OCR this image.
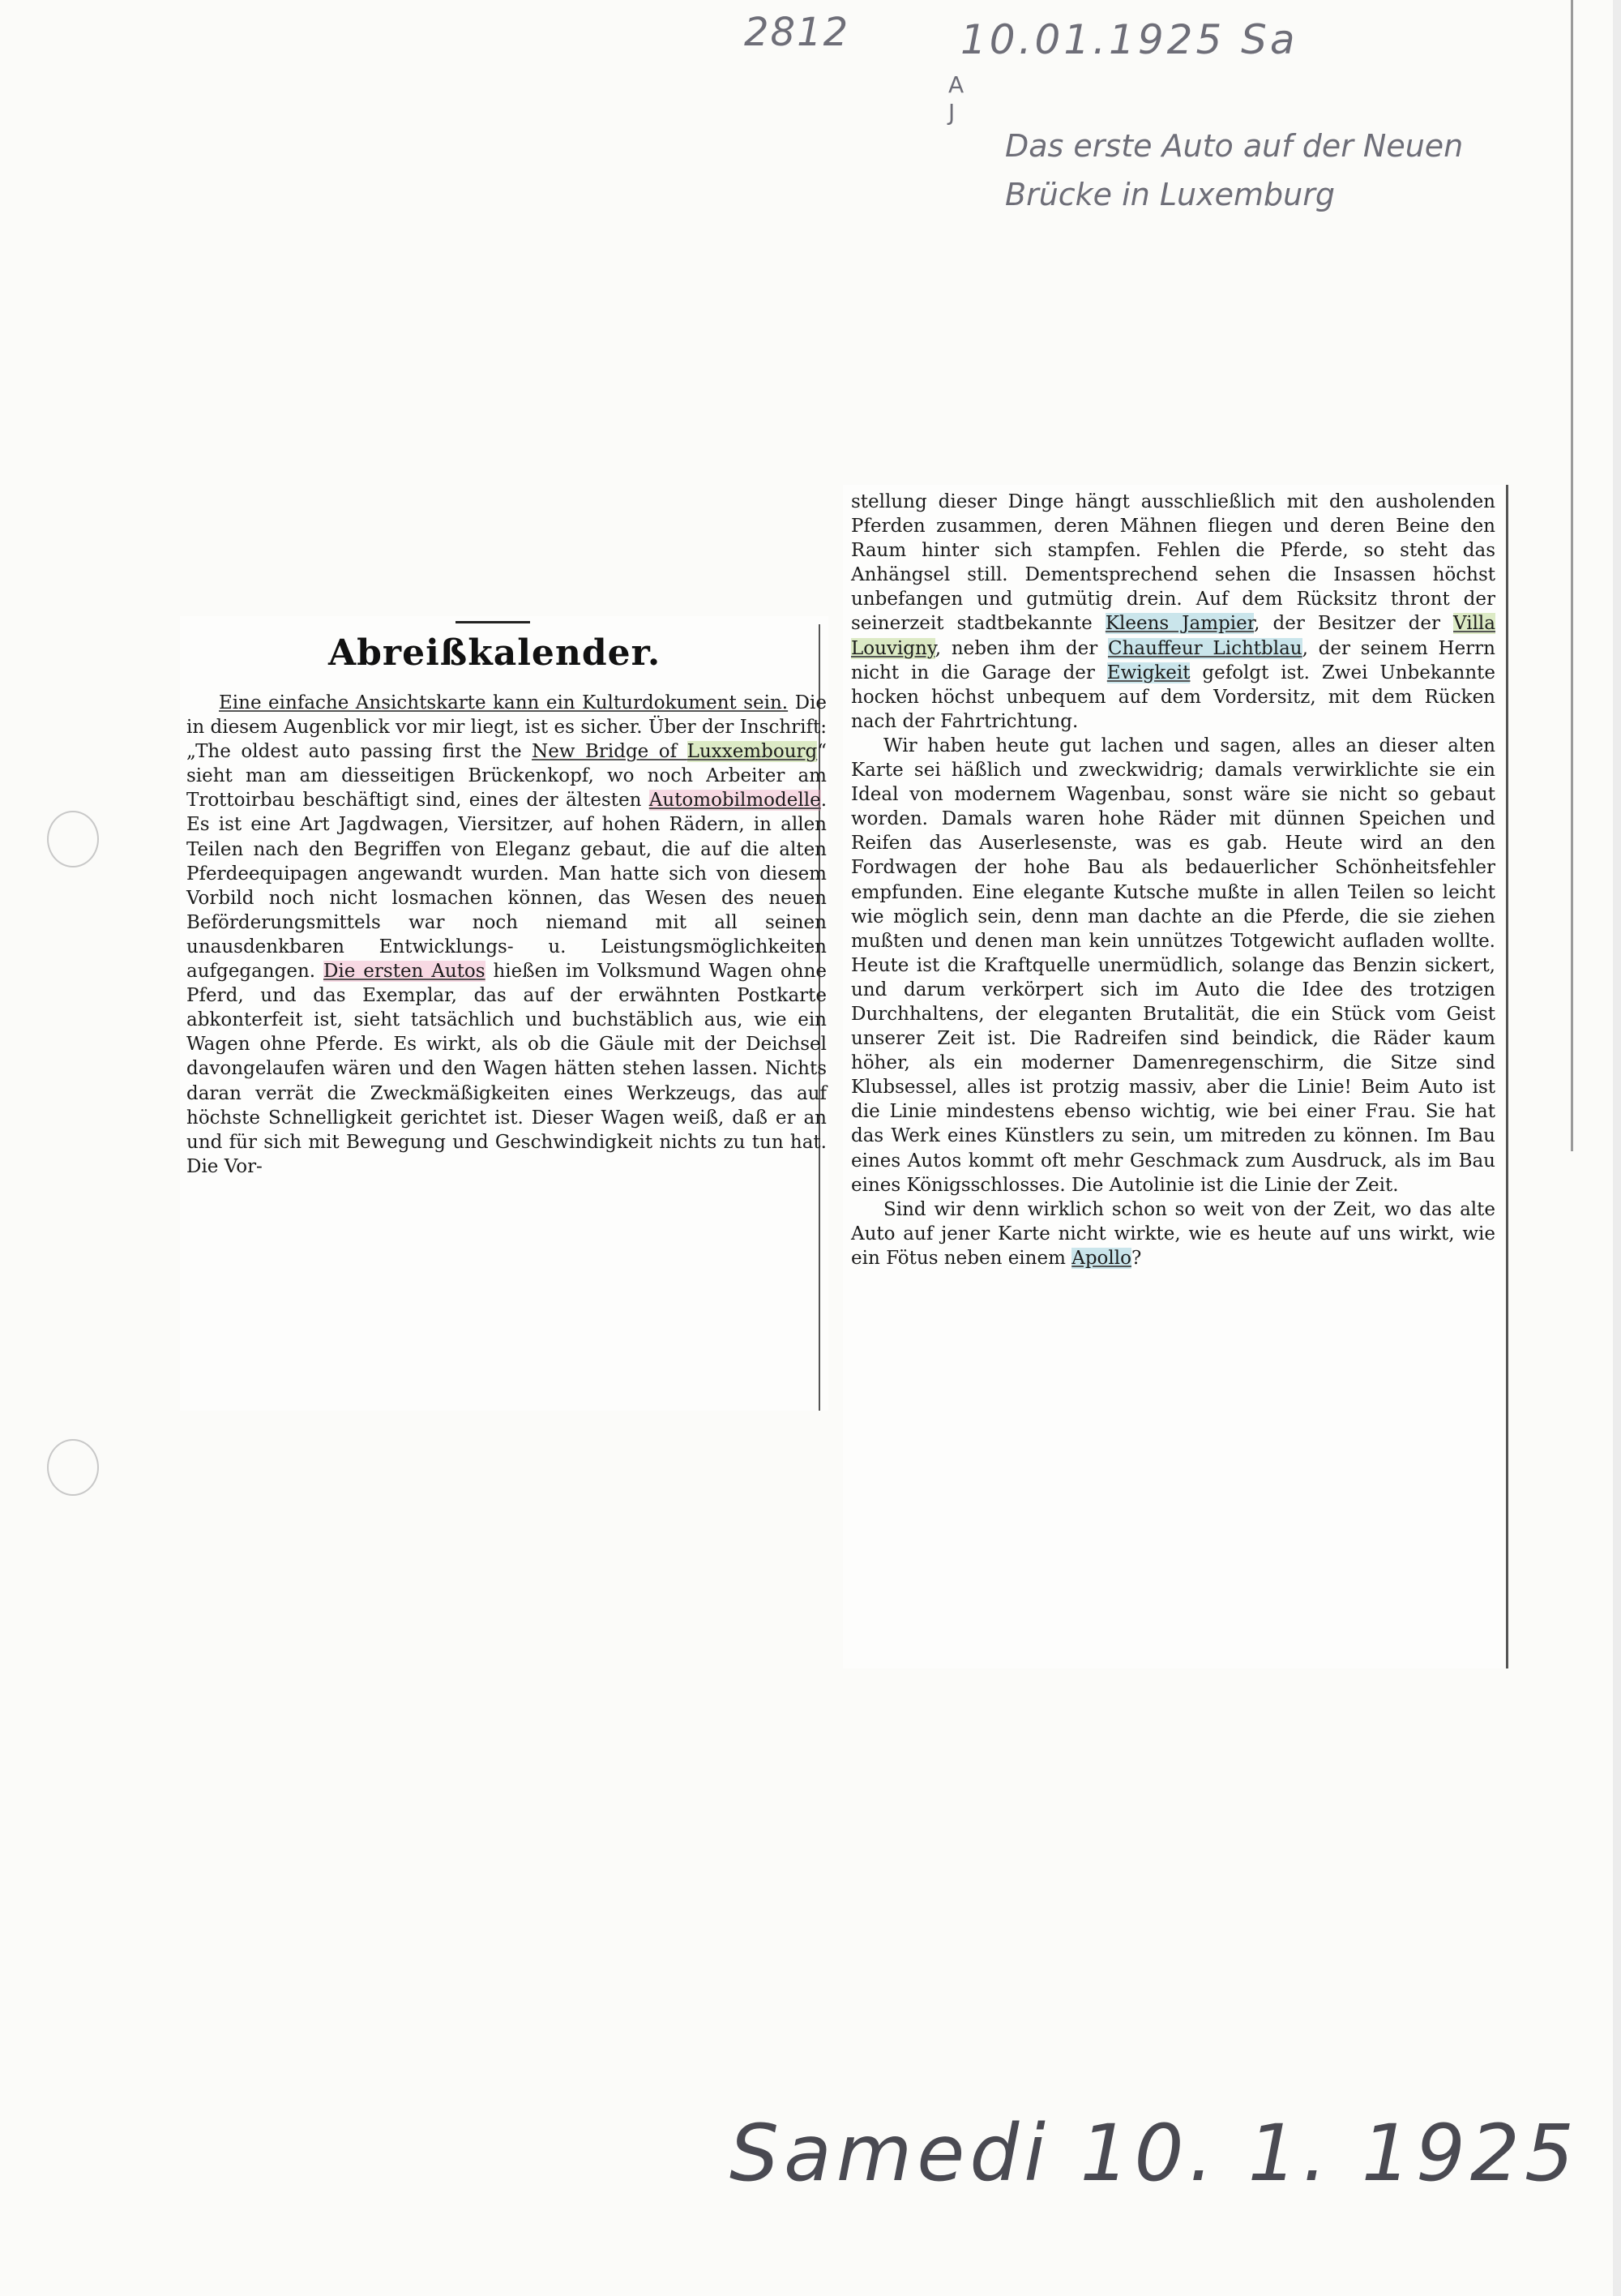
2812	10.01.1925 Sa
A
J
Das erste Auto auf der Neuen
Brücke in Luxemburg
Samedi 10. 1. 1925
Abreißkalender.

Eine einfache Ansichtskarte kann ein Kulturdokument sein. Die in diesem Augenblick vor mir liegt, ist es sicher. Über der Inschrift: „The oldest auto passing first the New Bridge of Luxxembourg“ sieht man am diesseitigen Brückenkopf, wo noch Arbeiter am Trottoirbau beschäftigt sind, eines der ältesten Automobilmodelle. Es ist eine Art Jagdwagen, Viersitzer, auf hohen Rädern, in allen Teilen nach den Begriffen von Eleganz gebaut, die auf die alten Pferdeequipagen angewandt wurden. Man hatte sich von diesem Vorbild noch nicht losmachen können, das Wesen des neuen Beförderungsmittels war noch niemand mit all seinen unausdenkbaren Entwicklungs- u. Leistungsmöglichkeiten aufgegangen. Die ersten Autos hießen im Volksmund Wagen ohne Pferd, und das Exemplar, das auf der erwähnten Postkarte abkonterfeit ist, sieht tatsächlich und buchstäblich aus, wie ein Wagen ohne Pferde. Es wirkt, als ob die Gäule mit der Deichsel davongelaufen wären und den Wagen hätten stehen lassen. Nichts daran verrät die Zweckmäßigkeiten eines Werkzeugs, das auf höchste Schnelligkeit gerichtet ist. Dieser Wagen weiß, daß er an und für sich mit Bewegung und Geschwindigkeit nichts zu tun hat. Die Vor-

stellung dieser Dinge hängt ausschließlich mit den ausholenden Pferden zusammen, deren Mähnen fliegen und deren Beine den Raum hinter sich stampfen. Fehlen die Pferde, so steht das Anhängsel still. Dementsprechend sehen die Insassen höchst unbefangen und gutmütig drein. Auf dem Rücksitz thront der seinerzeit stadtbekannte Kleens Jampier, der Besitzer der Villa Louvigny, neben ihm der Chauffeur Lichtblau, der seinem Herrn nicht in die Garage der Ewigkeit gefolgt ist. Zwei Unbekannte hocken höchst unbequem auf dem Vordersitz, mit dem Rücken nach der Fahrtrichtung.

Wir haben heute gut lachen und sagen, alles an dieser alten Karte sei häßlich und zweckwidrig; damals verwirklichte sie ein Ideal von modernem Wagenbau, sonst wäre sie nicht so gebaut worden. Damals waren hohe Räder mit dünnen Speichen und Reifen das Auserlesenste, was es gab. Heute wird an den Fordwagen der hohe Bau als bedauerlicher Schönheitsfehler empfunden. Eine elegante Kutsche mußte in allen Teilen so leicht wie möglich sein, denn man dachte an die Pferde, die sie ziehen mußten und denen man kein unnützes Totgewicht aufladen wollte. Heute ist die Kraftquelle unermüdlich, solange das Benzin sickert, und darum verkörpert sich im Auto die Idee des trotzigen Durchhaltens, der eleganten Brutalität, die ein Stück vom Geist unserer Zeit ist. Die Radreifen sind beindick, die Räder kaum höher, als ein moderner Damenregenschirm, die Sitze sind Klubsessel, alles ist protzig massiv, aber die Linie! Beim Auto ist die Linie mindestens ebenso wichtig, wie bei einer Frau. Sie hat das Werk eines Künstlers zu sein, um mitreden zu können. Im Bau eines Autos kommt oft mehr Geschmack zum Ausdruck, als im Bau eines Königsschlosses. Die Autolinie ist die Linie der Zeit.

Sind wir denn wirklich schon so weit von der Zeit, wo das alte Auto auf jener Karte nicht wirkte, wie es heute auf uns wirkt, wie ein Fötus neben einem Apollo?
